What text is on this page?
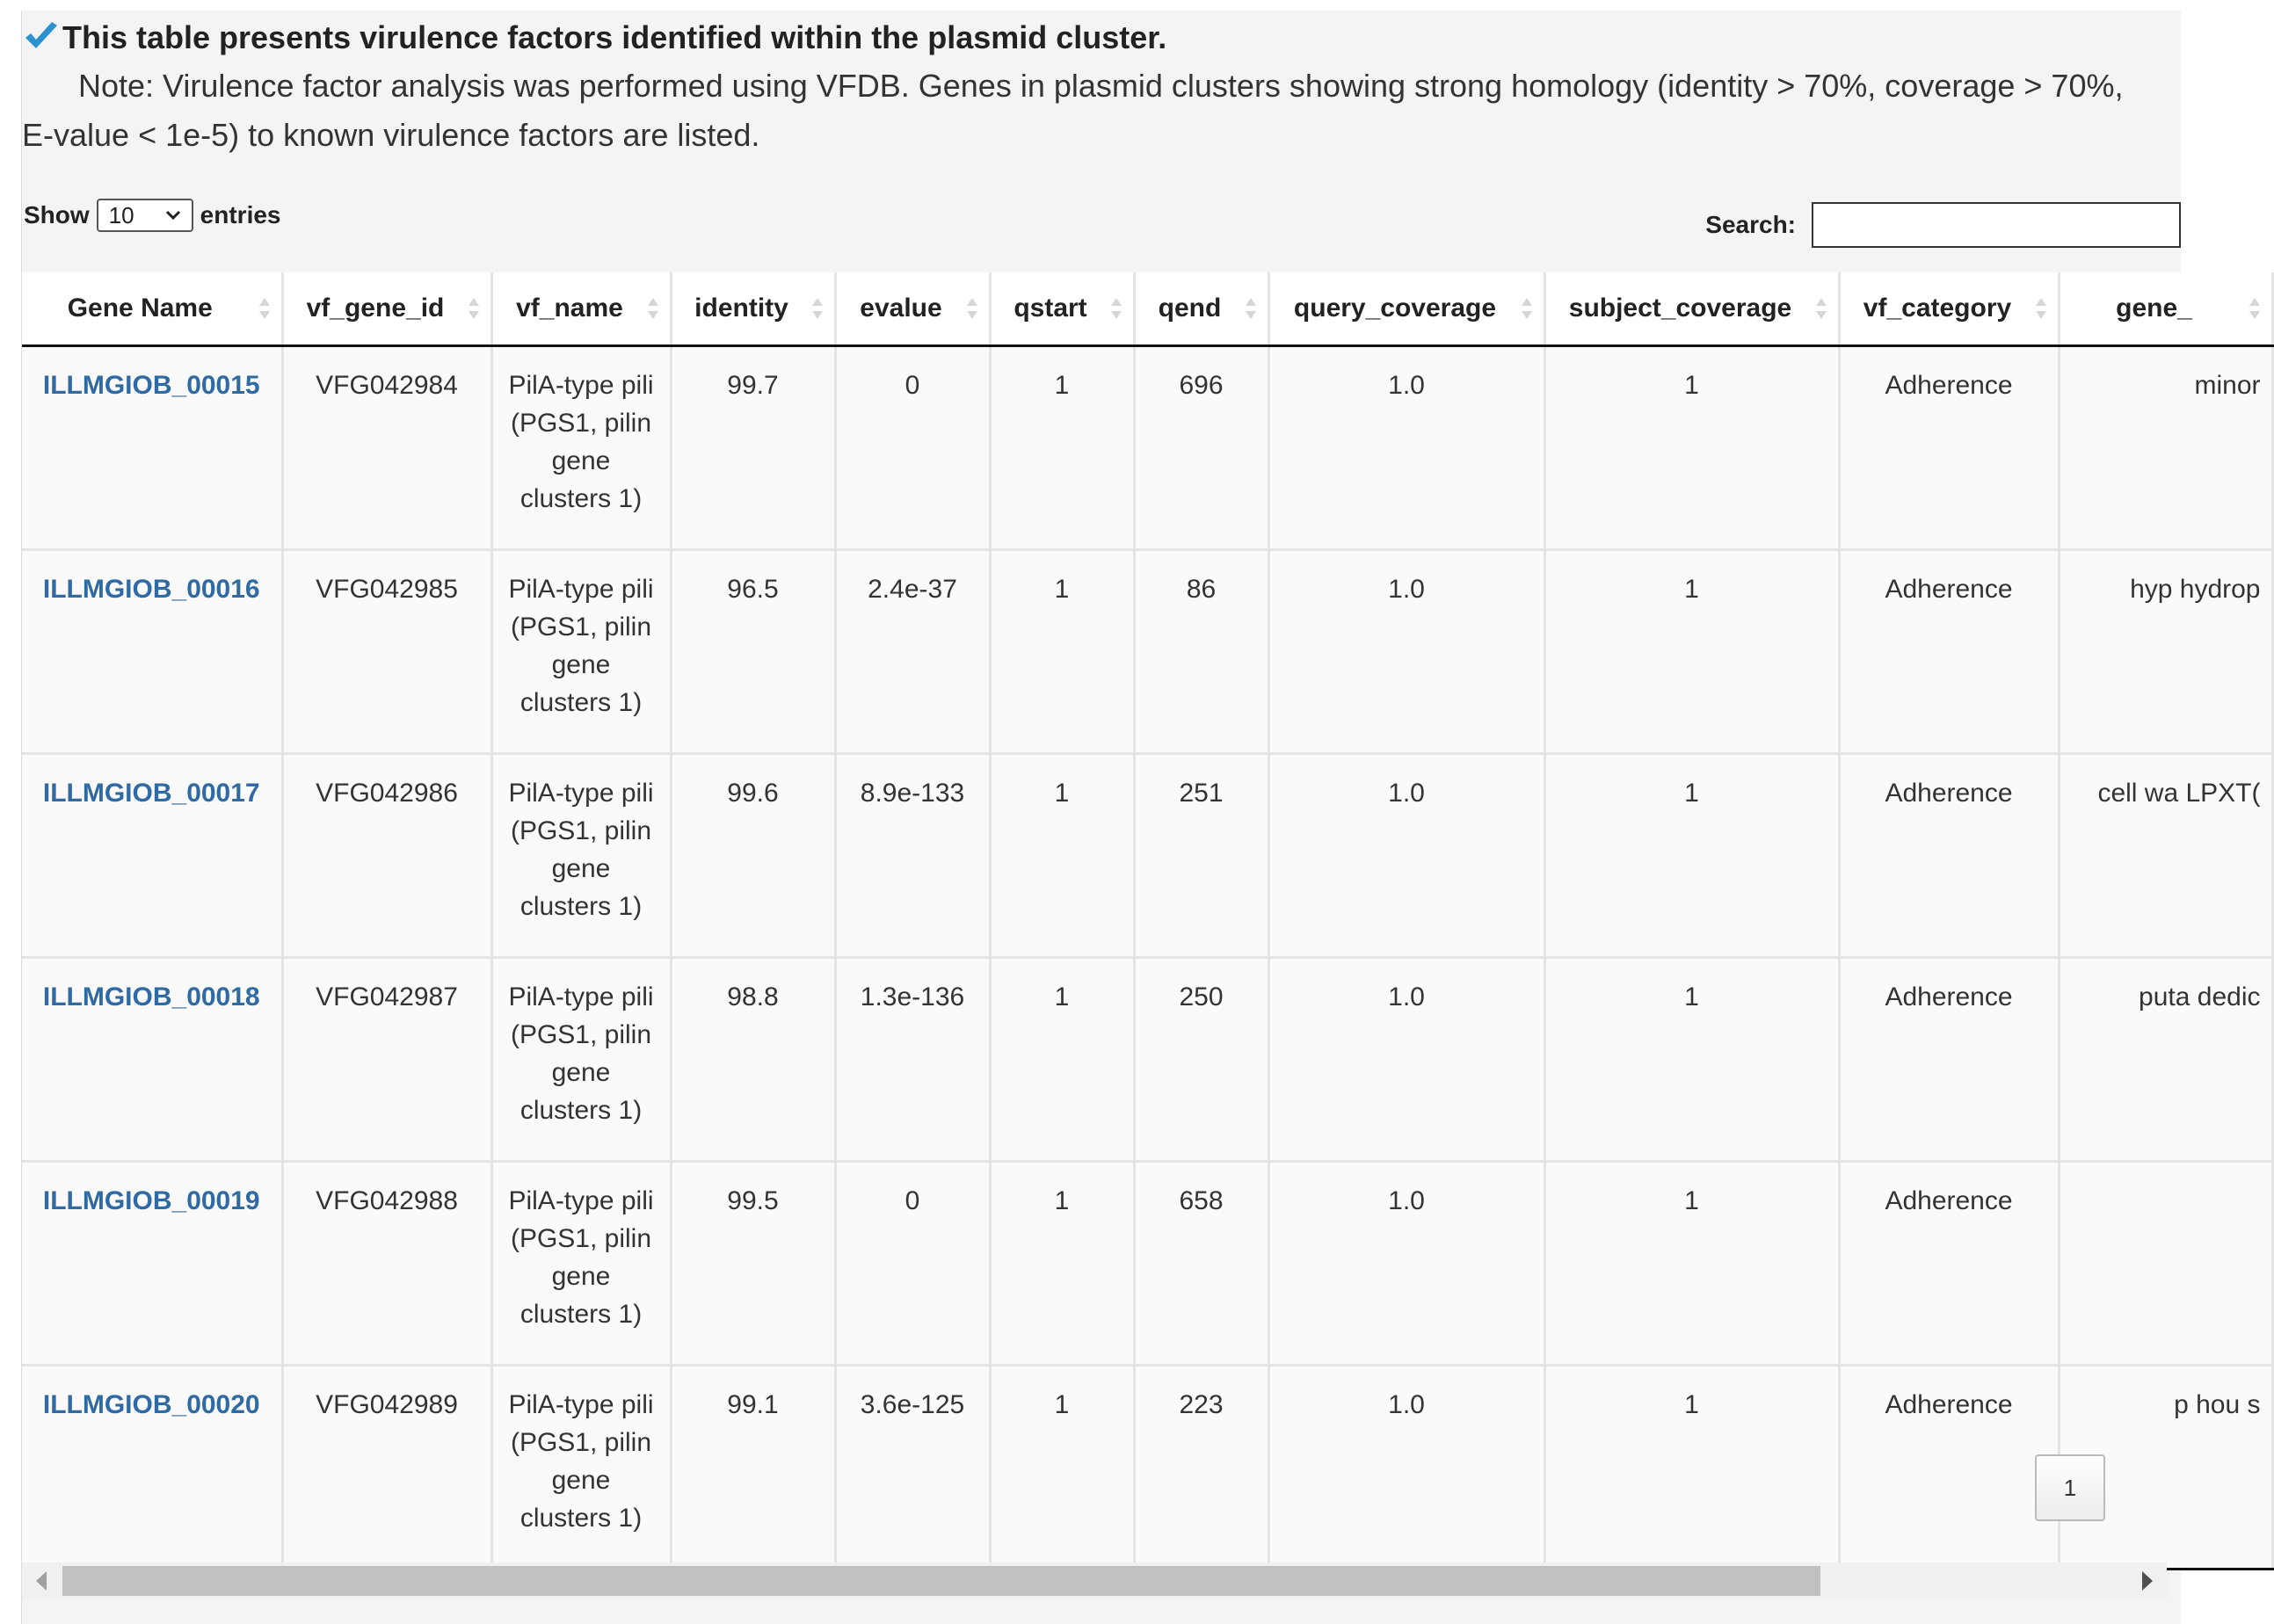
This table presents virulence factors identified within the plasmid cluster.
Note: Virulence factor analysis was performed using VFDB. Genes in plasmid clusters showing strong homology (identity > 70%, coverage > 70%, E-value < 1e-5) to known virulence factors are listed.
Show 10	entries	Search:
Gene Name	vf_gene_id	vf_name	identity	evalue	qstart	qend	query_coverage	subject_coverage	vf_category	gene_

ILLMGIOB_00015	VFG042984	PilA-type pili (PGS1, pilin gene clusters 1)	99.7	0	1	696	1.0	1	Adherence	minor
ILLMGIOB_00016	VFG042985	PilA-type pili (PGS1, pilin gene clusters 1)	96.5	2.4e-37	1	86	1.0	1	Adherence	hyp hydrop
ILLMGIOB_00017	VFG042986	PilA-type pili (PGS1, pilin gene clusters 1)	99.6	8.9e-133	1	251	1.0	1	Adherence	cell wa LPXT(
ILLMGIOB_00018	VFG042987	PilA-type pili (PGS1, pilin gene clusters 1)	98.8	1.3e-136	1	250	1.0	1	Adherence	puta dedic
ILLMGIOB_00019	VFG042988	PilA-type pili (PGS1, pilin gene clusters 1)	99.5	0	1	658	1.0	1	Adherence	
ILLMGIOB_00020	VFG042989	PilA-type pili (PGS1, pilin gene clusters 1)	99.1	3.6e-125	1	223	1.0	1	Adherence	p hou s
1
